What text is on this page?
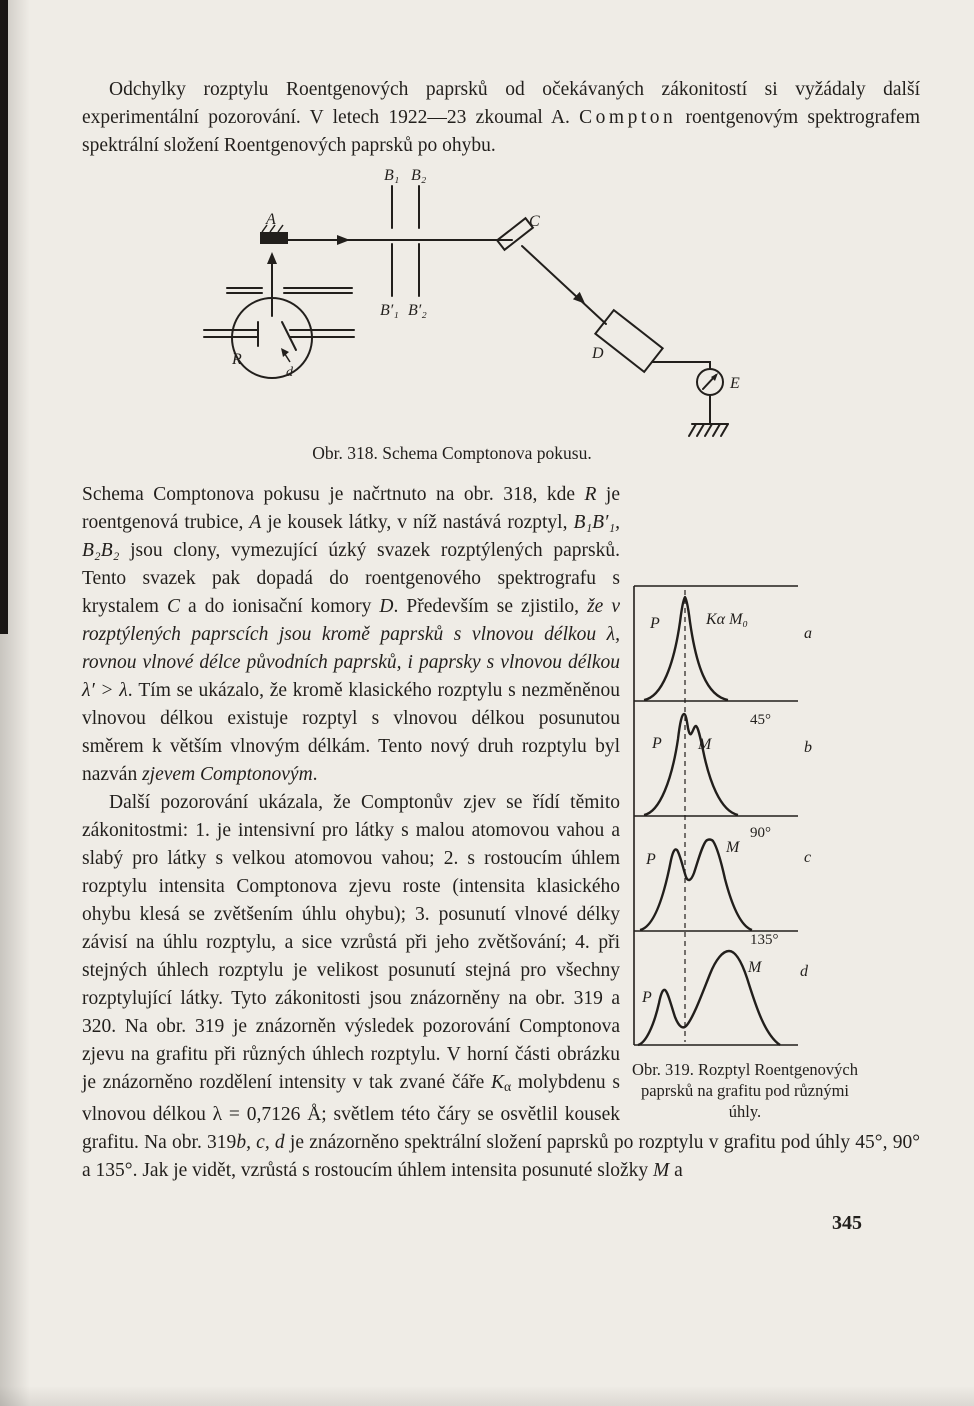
Odchylky rozptylu Roentgenových paprsků od očekávaných zákonitostí si vyžádaly další experimentální pozorování. V letech 1922—23 zkoumal A. Compton roentgenovým spektrografem spektrální složení Roentgenových paprsků po ohybu.

B₁ B₂
B′₁ B′₂
A	C
D
E
R
d
Obr. 318. Schema Comptonova pokusu.

P	Kα M₀
P M
P
M
P
M
a
b
c
d
45°
90°
135°
Obr. 319. Rozptyl Roentgenových paprsků na grafitu pod různými úhly.
Schema Comptonova pokusu je načrtnuto na obr. 318, kde R je roentgenová trubice, A je kousek látky, v níž nastává rozptyl, B₁B′₁, B₂B₂ jsou clony, vymezující úzký svazek rozptýlených paprsků. Tento svazek pak dopadá do roentgenového spektrografu s krystalem C a do ionisační komory D. Především se zjistilo, že v rozptýlených paprscích jsou kromě paprsků s vlnovou délkou λ, rovnou vlnové délce původních paprsků, i paprsky s vlnovou délkou λ′ > λ. Tím se ukázalo, že kromě klasického rozptylu s nezměněnou vlnovou délkou existuje rozptyl s vlnovou délkou posunutou směrem k větším vlnovým délkám. Tento nový druh rozptylu byl nazván zjevem Comptonovým.

Další pozorování ukázala, že Comptonův zjev se řídí těmito zákonitostmi: 1. je intensivní pro látky s malou atomovou vahou a slabý pro látky s velkou atomovou vahou; 2. s rostoucím úhlem rozptylu intensita Comptonova zjevu roste (intensita klasického ohybu klesá se zvětšením úhlu ohybu); 3. posunutí vlnové délky závisí na úhlu rozptylu, a sice vzrůstá při jeho zvětšování; 4. při stejných úhlech rozptylu je velikost posunutí stejná pro všechny rozptylující látky. Tyto zákonitosti jsou znázorněny na obr. 319 a 320. Na obr. 319 je znázorněn výsledek pozorování Comptonova zjevu na grafitu při různých úhlech rozptylu. V horní části obrázku je znázorněno rozdělení intensity v tak zvané čáře Kα molybdenu s vlnovou délkou λ = 0,7126 Å; světlem této čáry se osvětlil kousek grafitu. Na obr. 319b, c, d je znázorněno spektrální složení paprsků po rozptylu v grafitu pod úhly 45°, 90° a 135°. Jak je vidět, vzrůstá s rostoucím úhlem intensita posunuté složky M a

345
